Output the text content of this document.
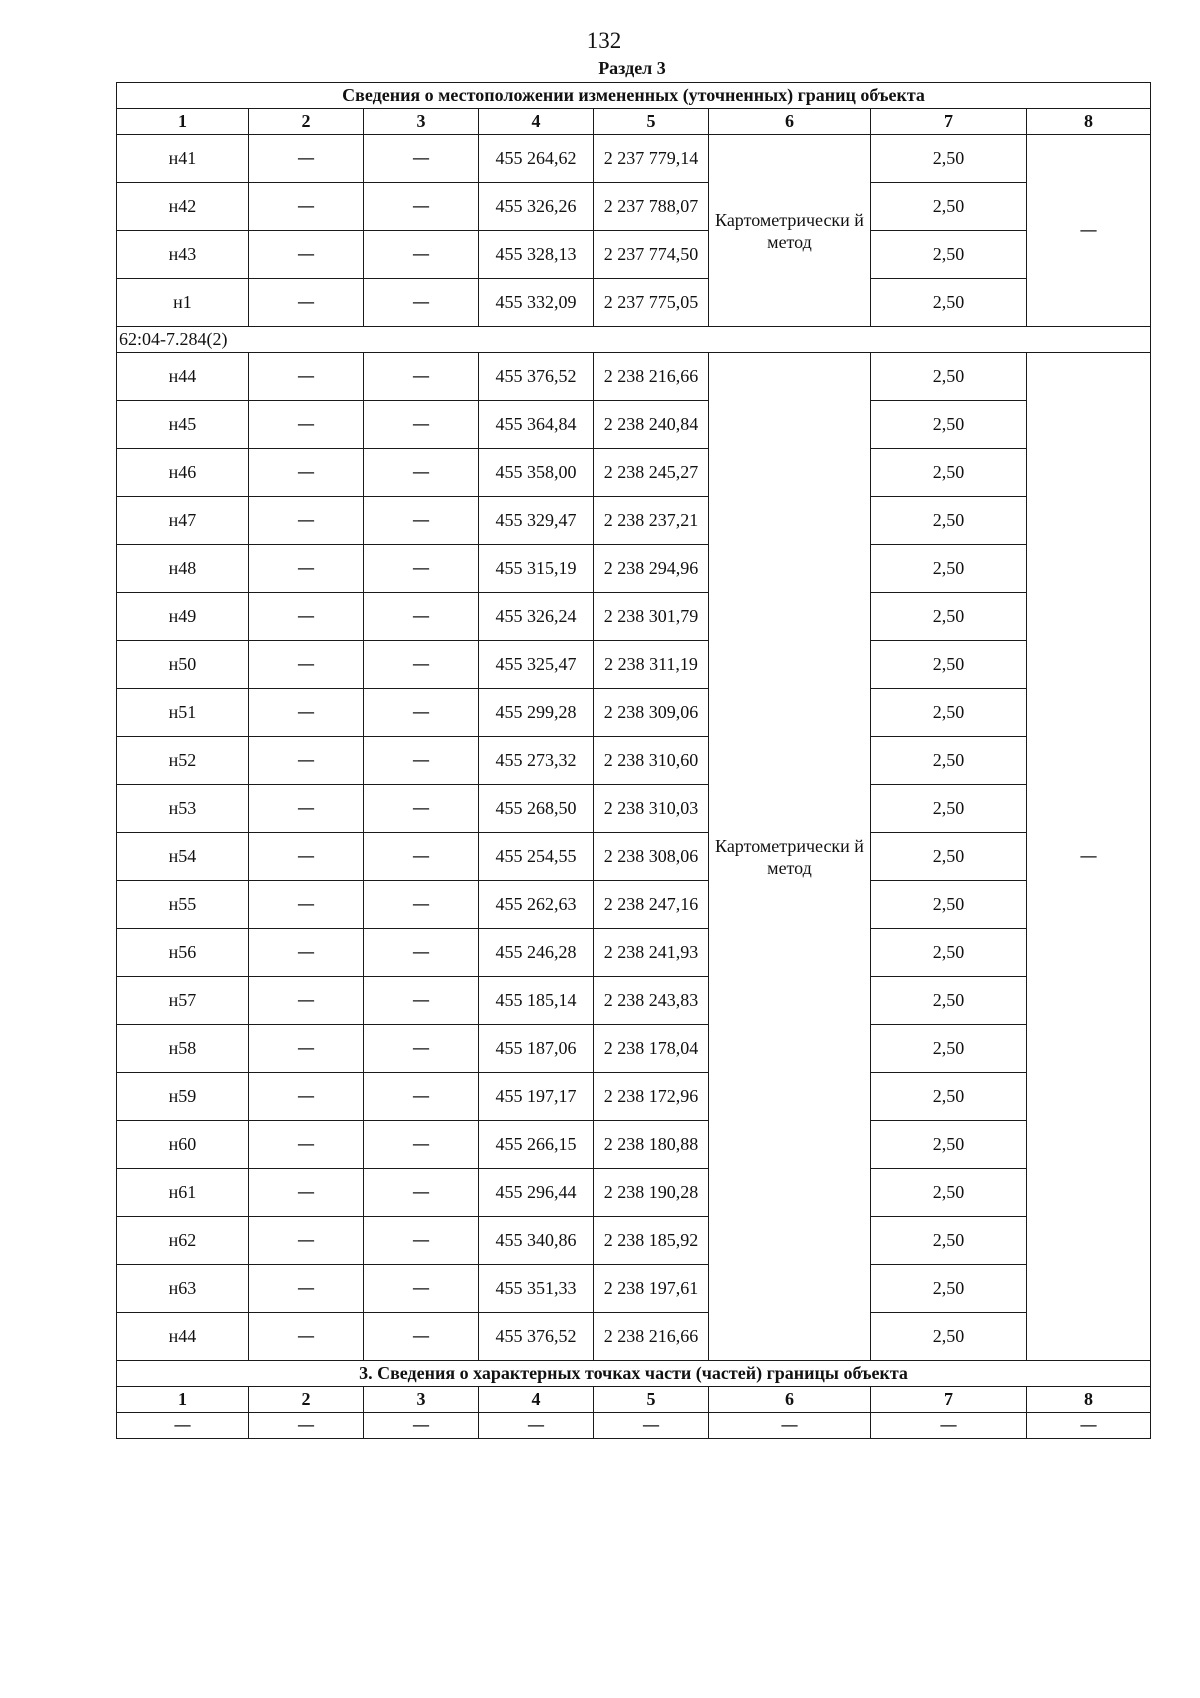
132
Раздел 3
Сведения о местоположении измененных (уточненных) границ объекта							
1	2	3	4	5	6	7	8
н41	—	—	455 264,62	2 237 779,14	Картометрически й метод	2,50	—
н42	—	—	455 326,26	2 237 788,07		2,50	
н43	—	—	455 328,13	2 237 774,50		2,50	
н1	—	—	455 332,09	2 237 775,05		2,50	
62:04-7.284(2)							
н44	—	—	455 376,52	2 238 216,66	Картометрически й метод	2,50	—
н45	—	—	455 364,84	2 238 240,84		2,50	
н46	—	—	455 358,00	2 238 245,27		2,50	
н47	—	—	455 329,47	2 238 237,21		2,50	
н48	—	—	455 315,19	2 238 294,96		2,50	
н49	—	—	455 326,24	2 238 301,79		2,50	
н50	—	—	455 325,47	2 238 311,19		2,50	
н51	—	—	455 299,28	2 238 309,06		2,50	
н52	—	—	455 273,32	2 238 310,60		2,50	
н53	—	—	455 268,50	2 238 310,03		2,50	
н54	—	—	455 254,55	2 238 308,06		2,50	
н55	—	—	455 262,63	2 238 247,16		2,50	
н56	—	—	455 246,28	2 238 241,93		2,50	
н57	—	—	455 185,14	2 238 243,83		2,50	
н58	—	—	455 187,06	2 238 178,04		2,50	
н59	—	—	455 197,17	2 238 172,96		2,50	
н60	—	—	455 266,15	2 238 180,88		2,50	
н61	—	—	455 296,44	2 238 190,28		2,50	
н62	—	—	455 340,86	2 238 185,92		2,50	
н63	—	—	455 351,33	2 238 197,61		2,50	
н44	—	—	455 376,52	2 238 216,66		2,50	
3. Сведения о характерных точках части (частей) границы объекта							
1	2	3	4	5	6	7	8
—	—	—	—	—	—	—	—
